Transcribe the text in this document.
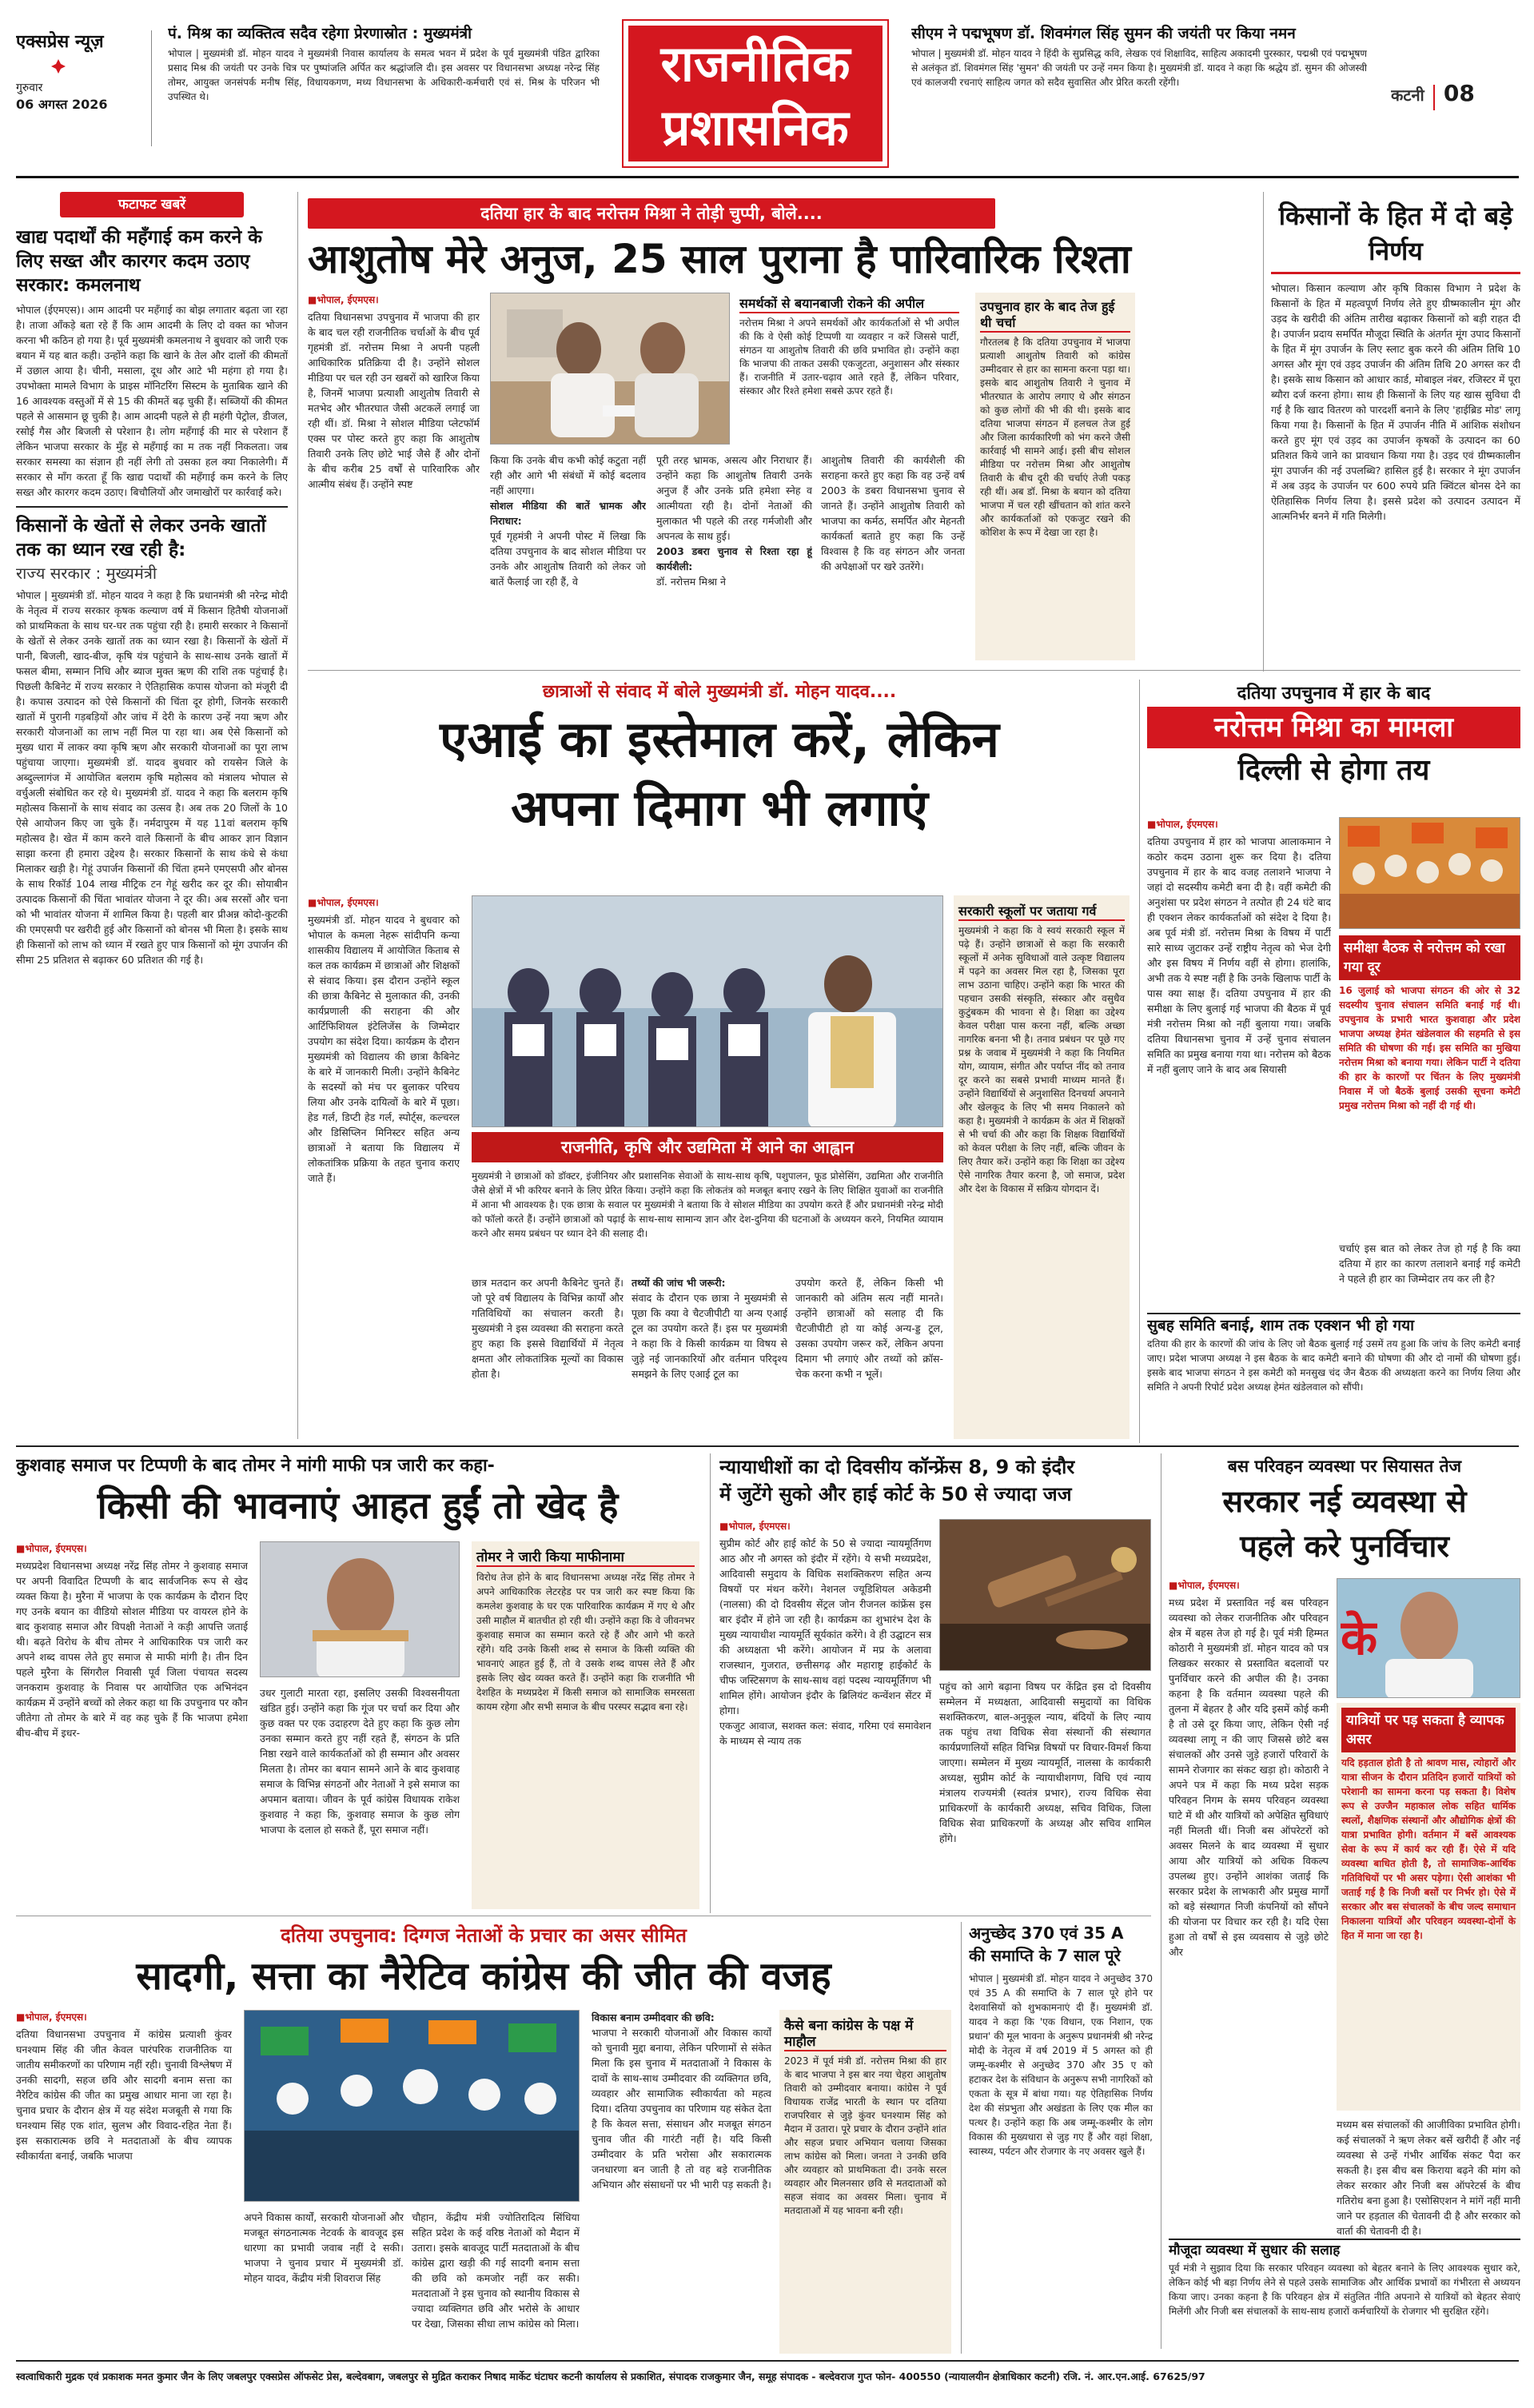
एक्सप्रेस न्यूज़
गुरुवार
06 अगस्त 2026
पं. मिश्र का व्यक्तित्व सदैव रहेगा प्रेरणास्रोत : मुख्यमंत्री

भोपाल | मुख्यमंत्री डॉ. मोहन यादव ने मुख्यमंत्री निवास कार्यालय के समत्व भवन में प्रदेश के पूर्व मुख्यमंत्री पंडित द्वारिका प्रसाद मिश्र की जयंती पर उनके चित्र पर पुष्पांजलि अर्पित कर श्रद्धांजलि दी। इस अवसर पर विधानसभा अध्यक्ष नरेन्द्र सिंह तोमर, आयुक्त जनसंपर्क मनीष सिंह, विधायकगण, मध्य विधानसभा के अधिकारी-कर्मचारी एवं सं. मिश्र के परिजन भी उपस्थित थे।

राजनीतिक
प्रशासनिक
सीएम ने पद्मभूषण डॉ. शिवमंगल सिंह सुमन की जयंती पर किया नमन

भोपाल | मुख्यमंत्री डॉ. मोहन यादव ने हिंदी के सुप्रसिद्ध कवि, लेखक एवं शिक्षाविद, साहित्य अकादमी पुरस्कार, पद्मश्री एवं पद्मभूषण से अलंकृत डॉ. शिवमंगल सिंह 'सुमन' की जयंती पर उन्हें नमन किया है। मुख्यमंत्री डॉ. यादव ने कहा कि श्रद्धेय डॉ. सुमन की ओजस्वी एवं कालजयी रचनाएं साहित्य जगत को सदैव सुवासित और प्रेरित करती रहेंगी।

कटनी 08
फटाफट खबरें
खाद्य पदार्थों की महँगाई कम करने के लिए सख्त और कारगर कदम उठाए सरकार: कमलनाथ

भोपाल (ईएमएस)। आम आदमी पर महँगाई का बोझ लगातार बढ़ता जा रहा है। ताजा आँकड़े बता रहे हैं कि आम आदमी के लिए दो वक्त का भोजन करना भी कठिन हो गया है। पूर्व मुख्यमंत्री कमलनाथ ने बुधवार को जारी एक बयान में यह बात कही। उन्होंने कहा कि खाने के तेल और दालों की कीमतों में उछाल आया है। चीनी, मसाला, दूध और आटे भी महंगा हो गया है। उपभोक्ता मामले विभाग के प्राइस मॉनिटरिंग सिस्टम के मुताबिक खाने की 16 आवश्यक वस्तुओं में से 15 की कीमतें बढ़ चुकी हैं। सब्जियों की कीमत पहले से आसमान छू चुकी है। आम आदमी पहले से ही महंगी पेट्रोल, डीजल, रसोई गैस और बिजली से परेशान है। लोग महँगाई की मार से परेशान हैं लेकिन भाजपा सरकार के मुँह से महँगाई का म तक नहीं निकलता। जब सरकार समस्या का संज्ञान ही नहीं लेगी तो उसका हल क्या निकालेगी। मैं सरकार से माँग करता हूँ कि खाद्य पदार्थों की महँगाई कम करने के लिए सख्त और कारगर कदम उठाए। बिचौलियों और जमाखोरों पर कार्रवाई करे।

किसानों के खेतों से लेकर उनके खातों तक का ध्यान रख रही है:
राज्य सरकार : मुख्यमंत्री

भोपाल | मुख्यमंत्री डॉ. मोहन यादव ने कहा है कि प्रधानमंत्री श्री नरेन्द्र मोदी के नेतृत्व में राज्य सरकार कृषक कल्याण वर्ष में किसान हितैषी योजनाओं को प्राथमिकता के साथ घर-घर तक पहुंचा रही है। हमारी सरकार ने किसानों के खेतों से लेकर उनके खातों तक का ध्यान रखा है। किसानों के खेतों में पानी, बिजली, खाद-बीज, कृषि यंत्र पहुंचाने के साथ-साथ उनके खातों में फसल बीमा, सम्मान निधि और ब्याज मुक्त ऋण की राशि तक पहुंचाई है। पिछली कैबिनेट में राज्य सरकार ने ऐतिहासिक कपास योजना को मंजूरी दी है। कपास उत्पादन को ऐसे किसानों की चिंता दूर होगी, जिनके सरकारी खातों में पुरानी गड़बड़ियों और जांच में देरी के कारण उन्हें नया ऋण और सरकारी योजनाओं का लाभ नहीं मिल पा रहा था। अब ऐसे किसानों को मुख्य धारा में लाकर क्या कृषि ऋण और सरकारी योजनाओं का पूरा लाभ पहुंचाया जाएगा। मुख्यमंत्री डॉ. यादव बुधवार को रायसेन जिले के अब्दुल्लागंज में आयोजित बलराम कृषि महोत्सव को मंत्रालय भोपाल से वर्चुअली संबोधित कर रहे थे। मुख्यमंत्री डॉ. यादव ने कहा कि बलराम कृषि महोत्सव किसानों के साथ संवाद का उत्सव है। अब तक 20 जिलों के 10 ऐसे आयोजन किए जा चुके हैं। नर्मदापुरम में यह 11वां बलराम कृषि महोत्सव है। खेत में काम करने वाले किसानों के बीच आकर ज्ञान विज्ञान साझा करना ही हमारा उद्देश्य है। सरकार किसानों के साथ कंधे से कंधा मिलाकर खड़ी है। गेहूं उपार्जन किसानों की चिंता हमने एमएसपी और बोनस के साथ रिकॉर्ड 104 लाख मीट्रिक टन गेहूं खरीद कर दूर की। सोयाबीन उत्पादक किसानों की चिंता भावांतर योजना ने दूर की। अब सरसों और चना को भी भावांतर योजना में शामिल किया है। पहली बार प्रीअन्न कोदो-कुटकी की एमएसपी पर खरीदी हुई और किसानों को बोनस भी मिला है। इसके साथ ही किसानों को लाभ को ध्यान में रखते हुए पात्र किसानों को मूंग उपार्जन की सीमा 25 प्रतिशत से बढ़ाकर 60 प्रतिशत की गई है।

दतिया हार के बाद नरोत्तम मिश्रा ने तोड़ी चुप्पी, बोले....
आशुतोष मेरे अनुज, 25 साल पुराना है पारिवारिक रिश्ता
■ भोपाल, ईएमएस।

दतिया विधानसभा उपचुनाव में भाजपा की हार के बाद चल रही राजनीतिक चर्चाओं के बीच पूर्व गृहमंत्री डॉ. नरोत्तम मिश्रा ने अपनी पहली आधिकारिक प्रतिक्रिया दी है। उन्होंने सोशल मीडिया पर चल रही उन खबरों को खारिज किया है, जिनमें भाजपा प्रत्याशी आशुतोष तिवारी से मतभेद और भीतरघात जैसी अटकलें लगाई जा रही थीं। डॉ. मिश्रा ने सोशल मीडिया प्लेटफॉर्म एक्स पर पोस्ट करते हुए कहा कि आशुतोष तिवारी उनके लिए छोटे भाई जैसे हैं और दोनों के बीच करीब 25 वर्षों से पारिवारिक और आत्मीय संबंध हैं। उन्होंने स्पष्ट

किया कि उनके बीच कभी कोई कटुता नहीं रही और आगे भी संबंधों में कोई बदलाव नहीं आएगा।

सोशल मीडिया की बातें भ्रामक और निराधार:

पूर्व गृहमंत्री ने अपनी पोस्ट में लिखा कि दतिया उपचुनाव के बाद सोशल मीडिया पर उनके और आशुतोष तिवारी को लेकर जो बातें फैलाई जा रही हैं, वे

समर्थकों से बयानबाजी रोकने की अपील

नरोत्तम मिश्रा ने अपने समर्थकों और कार्यकर्ताओं से भी अपील की कि वे ऐसी कोई टिप्पणी या व्यवहार न करें जिससे पार्टी, संगठन या आशुतोष तिवारी की छवि प्रभावित हो। उन्होंने कहा कि भाजपा की ताकत उसकी एकजुटता, अनुशासन और संस्कार हैं। राजनीति में उतार-चढ़ाव आते रहते हैं, लेकिन परिवार, संस्कार और रिश्ते हमेशा सबसे ऊपर रहते हैं।

पूरी तरह भ्रामक, असत्य और निराधार हैं। उन्होंने कहा कि आशुतोष तिवारी उनके अनुज हैं और उनके प्रति हमेशा स्नेह व आत्मीयता रही है। दोनों नेताओं की मुलाकात भी पहले की तरह गर्मजोशी और अपनत्व के साथ हुई।

2003 डबरा चुनाव से रिश्ता रहा हूं कार्यशैली:

डॉ. नरोत्तम मिश्रा ने

आशुतोष तिवारी की कार्यशैली की सराहना करते हुए कहा कि वह उन्हें वर्ष 2003 के डबरा विधानसभा चुनाव से जानते हैं। उन्होंने आशुतोष तिवारी को भाजपा का कर्मठ, समर्पित और मेहनती कार्यकर्ता बताते हुए कहा कि उन्हें विश्वास है कि वह संगठन और जनता की अपेक्षाओं पर खरे उतरेंगे।

उपचुनाव हार के बाद तेज हुई थी चर्चा

गौरतलब है कि दतिया उपचुनाव में भाजपा प्रत्याशी आशुतोष तिवारी को कांग्रेस उम्मीदवार से हार का सामना करना पड़ा था। इसके बाद आशुतोष तिवारी ने चुनाव में भीतरघात के आरोप लगाए थे और संगठन को कुछ लोगों की भी की थी। इसके बाद दतिया भाजपा संगठन में हलचल तेज हुई और जिला कार्यकारिणी को भंग करने जैसी कार्रवाई भी सामने आई। इसी बीच सोशल मीडिया पर नरोत्तम मिश्रा और आशुतोष तिवारी के बीच दूरी की चर्चाएं तेजी पकड़ रही थीं। अब डॉ. मिश्रा के बयान को दतिया भाजपा में चल रही खींचतान को शांत करने और कार्यकर्ताओं को एकजुट रखने की कोशिश के रूप में देखा जा रहा है।

किसानों के हित में दो बड़े निर्णय

भोपाल। किसान कल्याण और कृषि विकास विभाग ने प्रदेश के किसानों के हित में महत्वपूर्ण निर्णय लेते हुए ग्रीष्मकालीन मूंग और उड़द के खरीदी की अंतिम तारीख बढ़ाकर किसानों को बड़ी राहत दी है। उपार्जन प्रदाय समर्पित मौजूदा स्थिति के अंतर्गत मूंग उपाद किसानों के हित में मूंग उपार्जन के लिए स्लाट बुक करने की अंतिम तिथि 10 अगस्त और मूंग एवं उड़द उपार्जन की अंतिम तिथि 20 अगस्त कर दी है। इसके साथ किसान को आधार कार्ड, मोबाइल नंबर, रजिस्टर में पूरा ब्यौरा दर्ज करना होगा। साथ ही किसानों के लिए यह खास सुविधा दी गई है कि खाद वितरण को पारदर्शी बनाने के लिए 'हाईब्रिड मोड' लागू किया गया है। किसानों के हित में उपार्जन नीति में आंशिक संशोधन करते हुए मूंग एवं उड़द का उपार्जन कृषकों के उत्पादन का 60 प्रतिशत किये जाने का प्रावधान किया गया है। उड़द एवं ग्रीष्मकालीन मूंग उपार्जन की नई उपलब्धि? हासिल हुई है। सरकार ने मूंग उपार्जन में अब उड़द के उपार्जन पर 600 रुपये प्रति क्विंटल बोनस देने का ऐतिहासिक निर्णय लिया है। इससे प्रदेश को उत्पादन उत्पादन में आत्मनिर्भर बनने में गति मिलेगी।

छात्राओं से संवाद में बोले मुख्यमंत्री डॉ. मोहन यादव....
एआई का इस्तेमाल करें, लेकिन
अपना दिमाग भी लगाएं
■ भोपाल, ईएमएस।

मुख्यमंत्री डॉ. मोहन यादव ने बुधवार को भोपाल के कमला नेहरू सांदीपनि कन्या शासकीय विद्यालय में आयोजित किताब से कल तक कार्यक्रम में छात्राओं और शिक्षकों से संवाद किया। इस दौरान उन्होंने स्कूल की छात्रा कैबिनेट से मुलाकात की, उनकी कार्यप्रणाली की सराहना की और आर्टिफिशियल इंटेलिजेंस के जिम्मेदार उपयोग का संदेश दिया। कार्यक्रम के दौरान मुख्यमंत्री को विद्यालय की छात्रा कैबिनेट के बारे में जानकारी मिली। उन्होंने कैबिनेट के सदस्यों को मंच पर बुलाकर परिचय लिया और उनके दायित्वों के बारे में पूछा। हेड गर्ल, डिप्टी हेड गर्ल, स्पोर्ट्स, कल्चरल और डिसिप्लिन मिनिस्टर सहित अन्य छात्राओं ने बताया कि विद्यालय में लोकतांत्रिक प्रक्रिया के तहत चुनाव कराए जाते हैं।

राजनीति, कृषि और उद्यमिता में आने का आह्वान

मुख्यमंत्री ने छात्राओं को डॉक्टर, इंजीनियर और प्रशासनिक सेवाओं के साथ-साथ कृषि, पशुपालन, फूड प्रोसेसिंग, उद्यमिता और राजनीति जैसे क्षेत्रों में भी करियर बनाने के लिए प्रेरित किया। उन्होंने कहा कि लोकतंत्र को मजबूत बनाए रखने के लिए शिक्षित युवाओं का राजनीति में आना भी आवश्यक है। एक छात्रा के सवाल पर मुख्यमंत्री ने बताया कि वे सोशल मीडिया का उपयोग करते हैं और प्रधानमंत्री नरेन्द्र मोदी को फॉलो करते हैं। उन्होंने छात्राओं को पढ़ाई के साथ-साथ सामान्य ज्ञान और देश-दुनिया की घटनाओं के अध्ययन करने, नियमित व्यायाम करने और समय प्रबंधन पर ध्यान देने की सलाह दी।

छात्र मतदान कर अपनी कैबिनेट चुनते हैं। जो पूरे वर्ष विद्यालय के विभिन्न कार्यों और गतिविधियों का संचालन करती है। मुख्यमंत्री ने इस व्यवस्था की सराहना करते हुए कहा कि इससे विद्यार्थियों में नेतृत्व क्षमता और लोकतांत्रिक मूल्यों का विकास होता है।

तथ्यों की जांच भी जरूरी:

संवाद के दौरान एक छात्रा ने मुख्यमंत्री से पूछा कि क्या वे चैटजीपीटी या अन्य एआई टूल का उपयोग करते हैं। इस पर मुख्यमंत्री ने कहा कि वे किसी कार्यक्रम या विषय से जुड़े नई जानकारियों और वर्तमान परिदृश्य समझने के लिए एआई टूल का

उपयोग करते हैं, लेकिन किसी भी जानकारी को अंतिम सत्य नहीं मानते। उन्होंने छात्राओं को सलाह दी कि चैटजीपीटी हो या कोई अन्य-ड्ड टूल, उसका उपयोग जरूर करें, लेकिन अपना दिमाग भी लगाएं और तथ्यों को क्रॉस-चेक करना कभी न भूलें।

सरकारी स्कूलों पर जताया गर्व

मुख्यमंत्री ने कहा कि वे स्वयं सरकारी स्कूल में पढ़े हैं। उन्होंने छात्राओं से कहा कि सरकारी स्कूलों में अनेक सुविधाओं वाले उत्कृष्ट विद्यालय में पढ़ने का अवसर मिल रहा है, जिसका पूरा लाभ उठाना चाहिए। उन्होंने कहा कि भारत की पहचान उसकी संस्कृति, संस्कार और वसुधैव कुटुंबकम की भावना से है। शिक्षा का उद्देश्य केवल परीक्षा पास करना नहीं, बल्कि अच्छा नागरिक बनना भी है। तनाव प्रबंधन पर पूछे गए प्रश्न के जवाब में मुख्यमंत्री ने कहा कि नियमित योग, व्यायाम, संगीत और पर्याप्त नींद को तनाव दूर करने का सबसे प्रभावी माध्यम मानते हैं। उन्होंने विद्यार्थियों से अनुशासित दिनचर्या अपनाने और खेलकूद के लिए भी समय निकालने को कहा है। मुख्यमंत्री ने कार्यक्रम के अंत में शिक्षकों से भी चर्चा की और कहा कि शिक्षक विद्यार्थियों को केवल परीक्षा के लिए नहीं, बल्कि जीवन के लिए तैयार करें। उन्होंने कहा कि शिक्षा का उद्देश्य ऐसे नागरिक तैयार करना है, जो समाज, प्रदेश और देश के विकास में सक्रिय योगदान दें।

दतिया उपचुनाव में हार के बाद
नरोत्तम मिश्रा का मामला
दिल्ली से होगा तय
■ भोपाल, ईएमएस।

दतिया उपचुनाव में हार को भाजपा आलाकमान ने कठोर कदम उठाना शुरू कर दिया है। दतिया उपचुनाव में हार के बाद वजह तलाशने भाजपा ने जहां दो सदस्यीय कमेटी बना दी है। वहीं कमेटी की अनुशंसा पर प्रदेश संगठन ने तत्पोत ही 24 घंटे बाद ही एक्शन लेकर कार्यकर्ताओं को संदेश दे दिया है। अब पूर्व मंत्री डॉ. नरोत्तम मिश्रा के विषय में पार्टी सारे साध्य जुटाकर उन्हें राष्ट्रीय नेतृत्व को भेज देगी और इस विषय में निर्णय वहीं से होगा। हालांकि, अभी तक ये स्पष्ट नहीं है कि उनके खिलाफ पार्टी के पास क्या साक्ष हैं। दतिया उपचुनाव में हार की समीक्षा के लिए बुलाई गई भाजपा की बैठक में पूर्व मंत्री नरोत्तम मिश्रा को नहीं बुलाया गया। जबकि दतिया विधानसभा चुनाव में उन्हें चुनाव संचालन समिति का प्रमुख बनाया गया था। नरोत्तम को बैठक में नहीं बुलाए जाने के बाद अब सियासी

समीक्षा बैठक से नरोत्तम को रखा गया दूर

16 जुलाई को भाजपा संगठन की ओर से 32 सदस्यीय चुनाव संचालन समिति बनाई गई थी। उपचुनाव के प्रभारी भारत कुशवाहा और प्रदेश भाजपा अध्यक्ष हेमंत खंडेलवाल की सहमति से इस समिति की घोषणा की गई। इस समिति का मुखिया नरोत्तम मिश्रा को बनाया गया। लेकिन पार्टी ने दतिया की हार के कारणों पर चिंतन के लिए मुख्यमंत्री निवास में जो बैठकें बुलाई उसकी सूचना कमेटी प्रमुख नरोत्तम मिश्रा को नहीं दी गई थी।

चर्चाएं इस बात को लेकर तेज हो गई है कि क्या दतिया में हार का कारण तलाशने बनाई गई कमेटी ने पहले ही हार का जिम्मेदार तय कर ली है?

सुबह समिति बनाई, शाम तक एक्शन भी हो गया

दतिया की हार के कारणों की जांच के लिए जो बैठक बुलाई गई उसमें तय हुआ कि जांच के लिए कमेटी बनाई जाए। प्रदेश भाजपा अध्यक्ष ने इस बैठक के बाद कमेटी बनाने की घोषणा की और दो नामों की घोषणा हुई। इसके बाद भाजपा संगठन ने इस कमेटी को मनसुख चंद जैन बैठक की अध्यक्षता करने का निर्णय लिया और समिति ने अपनी रिपोर्ट प्रदेश अध्यक्ष हेमंत खंडेलवाल को सौंपी।

कुशवाह समाज पर टिप्पणी के बाद तोमर ने मांगी माफी पत्र जारी कर कहा-
किसी की भावनाएं आहत हुईं तो खेद है
■ भोपाल, ईएमएस।

मध्यप्रदेश विधानसभा अध्यक्ष नरेंद्र सिंह तोमर ने कुशवाह समाज पर अपनी विवादित टिप्पणी के बाद सार्वजनिक रूप से खेद व्यक्त किया है। मुरैना में भाजपा के एक कार्यक्रम के दौरान दिए गए उनके बयान का वीडियो सोशल मीडिया पर वायरल होने के बाद कुशवाह समाज और विपक्षी नेताओं ने कड़ी आपत्ति जताई थी। बढ़ते विरोध के बीच तोमर ने आधिकारिक पत्र जारी कर अपने शब्द वापस लेते हुए समाज से माफी मांगी है। तीन दिन पहले मुरैना के सिंगरौल निवासी पूर्व जिला पंचायत सदस्य जनकराम कुशवाह के निवास पर आयोजित एक अभिनंदन कार्यक्रम में उन्होंने बच्चों को लेकर कहा था कि उपचुनाव पर कौन जीतेगा तो तोमर के बारे में वह कह चुके हैं कि भाजपा हमेशा बीच-बीच में इधर-

उधर गुलाटी मारता रहा, इसलिए उसकी विश्वसनीयता खंडित हुई। उन्होंने कहा कि गूंज पर चर्चा कर दिया और कुछ वक्त पर एक उदाहरण देते हुए कहा कि कुछ लोग उनका सम्मान करते हुए नहीं रहते हैं, संगठन के प्रति निष्ठा रखने वाले कार्यकर्ताओं को ही सम्मान और अवसर मिलता है। तोमर का बयान सामने आने के बाद कुशवाह समाज के विभिन्न संगठनों और नेताओं ने इसे समाज का अपमान बताया। जीवन के पूर्व कांग्रेस विधायक राकेश कुशवाह ने कहा कि, कुशवाह समाज के कुछ लोग भाजपा के दलाल हो सकते हैं, पूरा समाज नहीं।

तोमर ने जारी किया माफीनामा

विरोध तेज होने के बाद विधानसभा अध्यक्ष नरेंद्र सिंह तोमर ने अपने आधिकारिक लेटरहेड पर पत्र जारी कर स्पष्ट किया कि कमलेश कुशवाह के घर एक पारिवारिक कार्यक्रम में गए थे और उसी माहौल में बातचीत हो रही थी। उन्होंने कहा कि वे जीवनभर कुशवाह समाज का सम्मान करते रहे हैं और आगे भी करते रहेंगे। यदि उनके किसी शब्द से समाज के किसी व्यक्ति की भावनाएं आहत हुई हैं, तो वे उसके शब्द वापस लेते हैं और इसके लिए खेद व्यक्त करते हैं। उन्होंने कहा कि राजनीति भी देशहित के मध्यप्रदेश में किसी समाज को सामाजिक समरसता कायम रहेगा और सभी समाज के बीच परस्पर सद्भाव बना रहे।

न्यायाधीशों का दो दिवसीय कॉन्फ्रेंस 8, 9 को इंदौर
में जुटेंगे सुको और हाई कोर्ट के 50 से ज्यादा जज
■ भोपाल, ईएमएस।

सुप्रीम कोर्ट और हाई कोर्ट के 50 से ज्यादा न्यायमूर्तिगण आठ और नौ अगस्त को इंदौर में रहेंगे। ये सभी मध्यप्रदेश, आदिवासी समुदाय के विधिक सशक्तिकरण सहित अन्य विषयों पर मंथन करेंगे। नेशनल ज्यूडिशियल अकेडमी (नालसा) की दो दिवसीय सेंट्रल जोन रीजनल कांफ्रेंस इस बार इंदौर में होने जा रही है। कार्यक्रम का शुभारंभ देश के मुख्य न्यायाधीश न्यायमूर्ति सूर्यकांत करेंगे। वे ही उद्घाटन सत्र की अध्यक्षता भी करेंगे। आयोजन में मप्र के अलावा राजस्थान, गुजरात, छत्तीसगढ़ और महाराष्ट्र हाईकोर्ट के चीफ जस्टिसगण के साथ-साथ वहां पदस्थ न्यायमूर्तिगण भी शामिल होंगे। आयोजन इंदौर के ब्रिलियंट कन्वेंशन सेंटर में होगा।

एकजुट आवाज, सशक्त कल: संवाद, गरिमा एवं समावेशन के माध्यम से न्याय तक

पहुंच को आगे बढ़ाना विषय पर केंद्रित इस दो दिवसीय सम्मेलन में मध्यक्षता, आदिवासी समुदायों का विधिक सशक्तिकरण, बाल-अनुकूल न्याय, बंदियों के लिए न्याय तक पहुंच तथा विधिक सेवा संस्थानों की संस्थागत कार्यप्रणालियों सहित विभिन्न विषयों पर विचार-विमर्श किया जाएगा। सम्मेलन में मुख्य न्यायमूर्ति, नालसा के कार्यकारी अध्यक्ष, सुप्रीम कोर्ट के न्यायाधीशगण, विधि एवं न्याय मंत्रालय राज्यमंत्री (स्वतंत्र प्रभार), राज्य विधिक सेवा प्राधिकरणों के कार्यकारी अध्यक्ष, सचिव विधिक, जिला विधिक सेवा प्राधिकरणों के अध्यक्ष और सचिव शामिल होंगे।

बस परिवहन व्यवस्था पर सियासत तेज
सरकार नई व्यवस्था से
पहले करे पुनर्विचार
■ भोपाल, ईएमएस।

मध्य प्रदेश में प्रस्तावित नई बस परिवहन व्यवस्था को लेकर राजनीतिक और परिवहन क्षेत्र में बहस तेज हो गई है। पूर्व मंत्री हिम्मत कोठारी ने मुख्यमंत्री डॉ. मोहन यादव को पत्र लिखकर सरकार से प्रस्तावित बदलावों पर पुनर्विचार करने की अपील की है। उनका कहना है कि वर्तमान व्यवस्था पहले की तुलना में बेहतर है और यदि इसमें कोई कमी है तो उसे दूर किया जाए, लेकिन ऐसी नई व्यवस्था लागू न की जाए जिससे छोटे बस संचालकों और उनसे जुड़े हजारों परिवारों के सामने रोजगार का संकट खड़ा हो। कोठारी ने अपने पत्र में कहा कि मध्य प्रदेश सड़क परिवहन निगम के समय परिवहन व्यवस्था घाटे में थी और यात्रियों को अपेक्षित सुविधाएं नहीं मिलती थीं। निजी बस ऑपरेटरों को अवसर मिलने के बाद व्यवस्था में सुधार आया और यात्रियों को अधिक विकल्प उपलब्ध हुए। उन्होंने आशंका जताई कि सरकार प्रदेश के लाभकारी और प्रमुख मार्गों को बड़े संस्थागत निजी कंपनियों को सौंपने की योजना पर विचार कर रही है। यदि ऐसा हुआ तो वर्षों से इस व्यवसाय से जुड़े छोटे और

के
यात्रियों पर पड़ सकता है व्यापक असर

यदि हड़ताल होती है तो श्रावण मास, त्योहारों और यात्रा सीजन के दौरान प्रतिदिन हजारों यात्रियों को परेशानी का सामना करना पड़ सकता है। विशेष रूप से उज्जैन महाकाल लोक सहित धार्मिक स्थलों, शैक्षणिक संस्थानों और औद्योगिक क्षेत्रों की यात्रा प्रभावित होगी। वर्तमान में बसें आवश्यक सेवा के रूप में कार्य कर रही हैं। ऐसे में यदि व्यवस्था बाधित होती है, तो सामाजिक-आर्थिक गतिविधियों पर भी असर पड़ेगा। ऐसी आशंका भी जताई गई है कि निजी बसों पर निर्भर हो। ऐसे में सरकार और बस संचालकों के बीच जल्द समाधान निकालना यात्रियों और परिवहन व्यवस्था-दोनों के हित में माना जा रहा है।

मध्यम बस संचालकों की आजीविका प्रभावित होगी। कई संचालकों ने ऋण लेकर बसें खरीदी हैं और नई व्यवस्था से उन्हें गंभीर आर्थिक संकट पैदा कर सकती है। इस बीच बस किराया बढ़ने की मांग को लेकर सरकार और निजी बस ऑपरेटर्स के बीच गतिरोध बना हुआ है। एसोसिएशन ने मांगें नहीं मानी जाने पर हड़ताल की चेतावनी दी है और सरकार को वार्ता की चेतावनी दी है।

मौजूदा व्यवस्था में सुधार की सलाह

पूर्व मंत्री ने सुझाव दिया कि सरकार परिवहन व्यवस्था को बेहतर बनाने के लिए आवश्यक सुधार करे, लेकिन कोई भी बड़ा निर्णय लेने से पहले उसके सामाजिक और आर्थिक प्रभावों का गंभीरता से अध्ययन किया जाए। उनका कहना है कि परिवहन क्षेत्र में संतुलित नीति अपनाने से यात्रियों को बेहतर सेवाएं मिलेंगी और निजी बस संचालकों के साथ-साथ हजारों कर्मचारियों के रोजगार भी सुरक्षित रहेंगे।

दतिया उपचुनाव: दिग्गज नेताओं के प्रचार का असर सीमित
सादगी, सत्ता का नैरेटिव कांग्रेस की जीत की वजह
■ भोपाल, ईएमएस।

दतिया विधानसभा उपचुनाव में कांग्रेस प्रत्याशी कुंवर घनश्याम सिंह की जीत केवल पारंपरिक राजनीतिक या जातीय समीकरणों का परिणाम नहीं रही। चुनावी विश्लेषण में उनकी सादगी, सहज छवि और सादगी बनाम सत्ता का नैरेटिव कांग्रेस की जीत का प्रमुख आधार माना जा रहा है। चुनाव प्रचार के दौरान क्षेत्र में यह संदेश मजबूती से गया कि घनश्याम सिंह एक शांत, सुलभ और विवाद-रहित नेता हैं। इस सकारात्मक छवि ने मतदाताओं के बीच व्यापक स्वीकार्यता बनाई, जबकि भाजपा

अपने विकास कार्यों, सरकारी योजनाओं और मजबूत संगठनात्मक नेटवर्क के बावजूद इस धारणा का प्रभावी जवाब नहीं दे सकी। भाजपा ने चुनाव प्रचार में मुख्यमंत्री डॉ. मोहन यादव, केंद्रीय मंत्री शिवराज सिंह

चौहान, केंद्रीय मंत्री ज्योतिरादित्य सिंधिया सहित प्रदेश के कई वरिष्ठ नेताओं को मैदान में उतारा। इसके बावजूद पार्टी मतदाताओं के बीच कांग्रेस द्वारा खड़ी की गई सादगी बनाम सत्ता की छवि को कमजोर नहीं कर सकी। मतदाताओं ने इस चुनाव को स्थानीय विकास से ज्यादा व्यक्तिगत छवि और भरोसे के आधार पर देखा, जिसका सीधा लाभ कांग्रेस को मिला।

विकास बनाम उम्मीदवार की छवि:

भाजपा ने सरकारी योजनाओं और विकास कार्यों को चुनावी मुद्दा बनाया, लेकिन परिणामों से संकेत मिला कि इस चुनाव में मतदाताओं ने विकास के दावों के साथ-साथ उम्मीदवार की व्यक्तिगत छवि, व्यवहार और सामाजिक स्वीकार्यता को महत्व दिया। दतिया उपचुनाव का परिणाम यह संकेत देता है कि केवल सत्ता, संसाधन और मजबूत संगठन चुनाव जीत की गारंटी नहीं है। यदि किसी उम्मीदवार के प्रति भरोसा और सकारात्मक जनधारणा बन जाती है तो वह बड़े राजनीतिक अभियान और संसाधनों पर भी भारी पड़ सकती है।

कैसे बना कांग्रेस के पक्ष में माहौल

2023 में पूर्व मंत्री डॉ. नरोत्तम मिश्रा की हार के बाद भाजपा ने इस बार नया चेहरा आशुतोष तिवारी को उम्मीदवार बनाया। कांग्रेस ने पूर्व विधायक राजेंद्र भारती के स्थान पर दतिया राजपरिवार से जुड़े कुंवर घनश्याम सिंह को मैदान में उतारा। पूरे प्रचार के दौरान उन्होंने शांत और सहज प्रचार अभियान चलाया जिसका लाभ कांग्रेस को मिला। जनता ने उनकी छवि और व्यवहार को प्राथमिकता दी। उनके सरल व्यवहार और मिलनसार छवि से मतदाताओं को सहज संवाद का अवसर मिला। चुनाव में मतदाताओं में यह भावना बनी रही।

अनुच्छेद 370 एवं 35 A
की समाप्ति के 7 साल पूरे

भोपाल | मुख्यमंत्री डॉ. मोहन यादव ने अनुच्छेद 370 एवं 35 A की समाप्ति के 7 साल पूरे होने पर देशवासियों को शुभकामनाएं दी हैं। मुख्यमंत्री डॉ. यादव ने कहा कि 'एक विधान, एक निशान, एक प्रधान' की मूल भावना के अनुरूप प्रधानमंत्री श्री नरेन्द्र मोदी के नेतृत्व में वर्ष 2019 में 5 अगस्त को ही जम्मू-कश्मीर से अनुच्छेद 370 और 35 ए को हटाकर देश के संविधान के अनुरूप सभी नागरिकों को एकता के सूत्र में बांधा गया। यह ऐतिहासिक निर्णय देश की संप्रभुता और अखंडता के लिए एक मील का पत्थर है। उन्होंने कहा कि अब जम्मू-कश्मीर के लोग विकास की मुख्यधारा से जुड़ गए हैं और वहां शिक्षा, स्वास्थ्य, पर्यटन और रोजगार के नए अवसर खुले हैं।

स्वत्वाधिकारी मुद्रक एवं प्रकाशक मनत कुमार जैन के लिए जबलपुर एक्सप्रेस ऑफसेट प्रेस, बल्देवबाग, जबलपुर से मुद्रित कराकर निषाद मार्केट घंटाघर कटनी कार्यालय से प्रकाशित, संपादक राजकुमार जैन, समूह संपादक - बल्देवराज गुप्त फोन- 400550 (न्यायालयीन क्षेत्राधिकार कटनी) रजि. नं. आर.एन.आई. 67625/97
